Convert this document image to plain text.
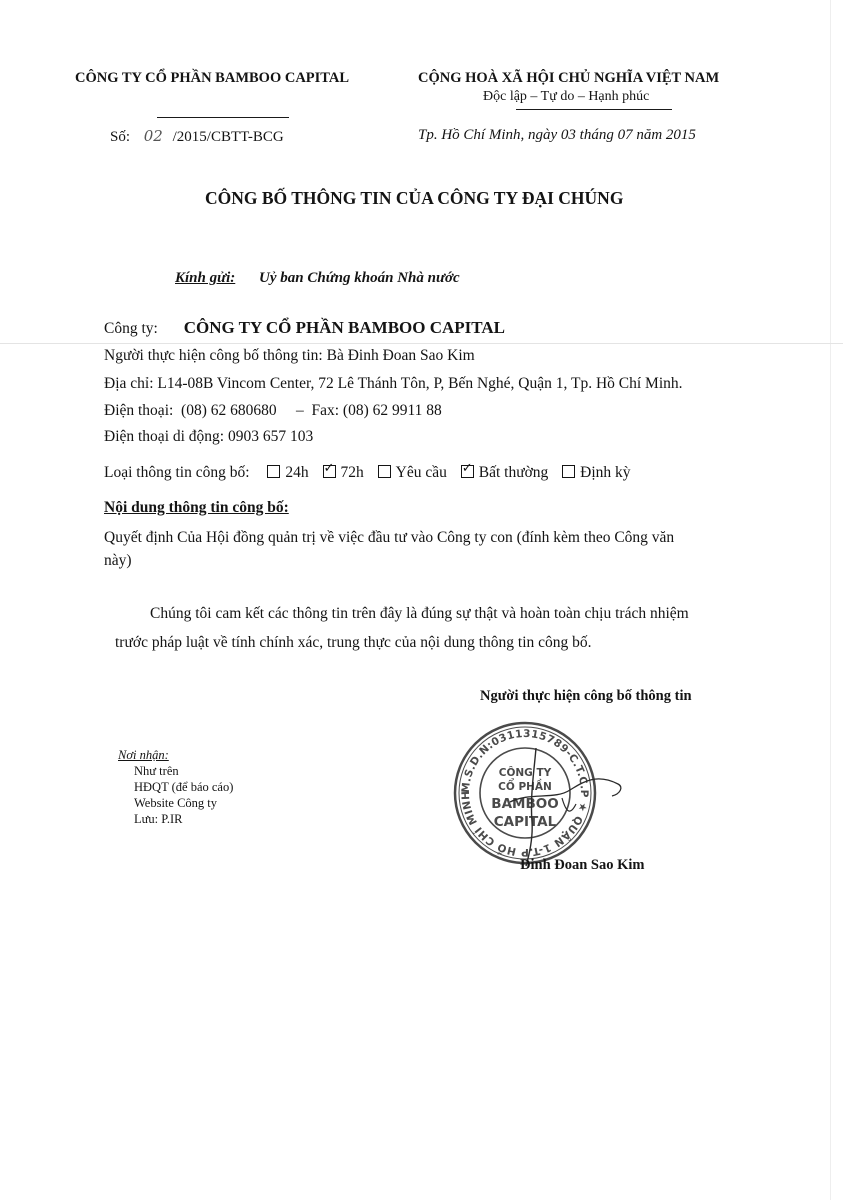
CÔNG TY CỔ PHẦN BAMBOO CAPITAL
Số: 02 /2015/CBTT-BCG
CỘNG HOÀ XÃ HỘI CHỦ NGHĨA VIỆT NAM
Độc lập – Tự do – Hạnh phúc
Tp. Hồ Chí Minh, ngày 03 tháng 07 năm 2015
CÔNG BỐ THÔNG TIN CỦA CÔNG TY ĐẠI CHÚNG
Kính gửi: Uỷ ban Chứng khoán Nhà nước
Công ty: CÔNG TY CỔ PHẦN BAMBOO CAPITAL
Người thực hiện công bố thông tin: Bà Đinh Đoan Sao Kim
Địa chỉ: L14-08B Vincom Center, 72 Lê Thánh Tôn, P, Bến Nghé, Quận 1, Tp. Hồ Chí Minh.
Điện thoại:  (08) 62 680680     –  Fax: (08) 62 9911 88
Điện thoại di động: 0903 657 103
Loại thông tin công bố: 24h ✓ 72h Yêu cầu ✓ Bất thường Định kỳ
Nội dung thông tin công bố:
Quyết định Của Hội đồng quản trị về việc đầu tư vào Công ty con (đính kèm theo Công văn
này)
Chúng tôi cam kết các thông tin trên đây là đúng sự thật và hoàn toàn chịu trách nhiệm
trước pháp luật về tính chính xác, trung thực của nội dung thông tin công bố.
Người thực hiện công bố thông tin
M.S.D.N:0311315789-C.T.C.P ★ QUẬN 1-T.P HỒ CHÍ MINH
CÔNG TY
CỔ PHẦN
BAMBOO
CAPITAL
Đinh Đoan Sao Kim
Nơi nhận:
Như trên
HĐQT (để báo cáo)
Website Công ty
Lưu: P.IR
